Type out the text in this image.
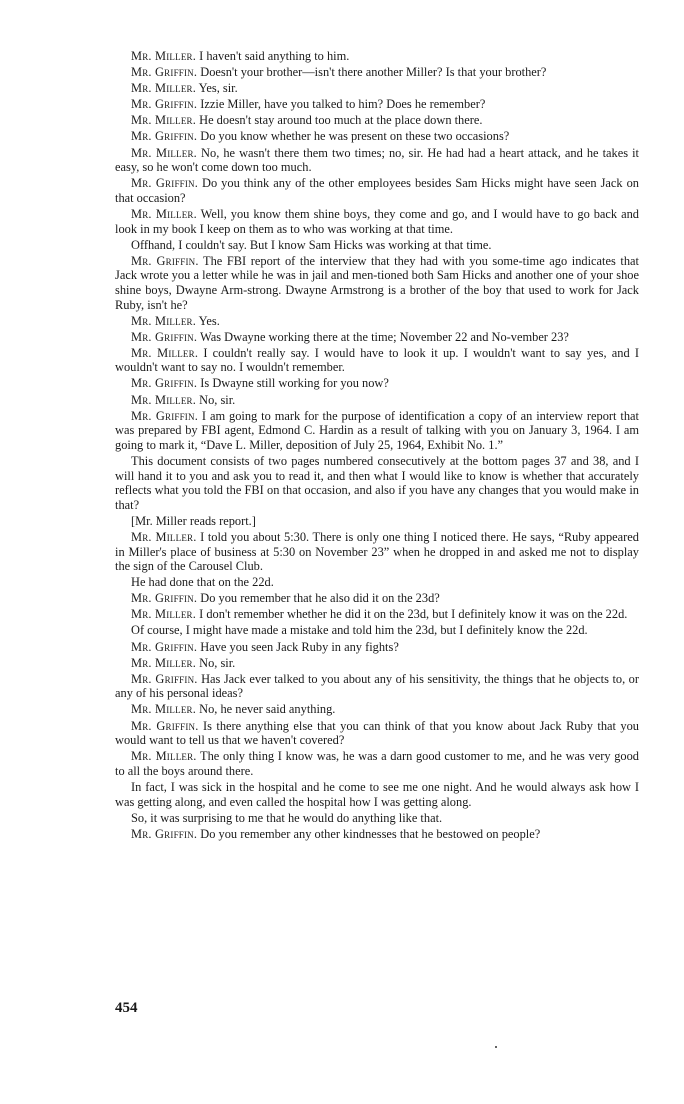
Mr. Miller. I haven't said anything to him.

Mr. Griffin. Doesn't your brother—isn't there another Miller? Is that your brother?

Mr. Miller. Yes, sir.

Mr. Griffin. Izzie Miller, have you talked to him? Does he remember?

Mr. Miller. He doesn't stay around too much at the place down there.

Mr. Griffin. Do you know whether he was present on these two occasions?

Mr. Miller. No, he wasn't there them two times; no, sir. He had had a heart attack, and he takes it easy, so he won't come down too much.

Mr. Griffin. Do you think any of the other employees besides Sam Hicks might have seen Jack on that occasion?

Mr. Miller. Well, you know them shine boys, they come and go, and I would have to go back and look in my book I keep on them as to who was working at that time.

Offhand, I couldn't say. But I know Sam Hicks was working at that time.

Mr. Griffin. The FBI report of the interview that they had with you some-time ago indicates that Jack wrote you a letter while he was in jail and men-tioned both Sam Hicks and another one of your shoe shine boys, Dwayne Arm-strong. Dwayne Armstrong is a brother of the boy that used to work for Jack Ruby, isn't he?

Mr. Miller. Yes.

Mr. Griffin. Was Dwayne working there at the time; November 22 and No-vember 23?

Mr. Miller. I couldn't really say. I would have to look it up. I wouldn't want to say yes, and I wouldn't want to say no. I wouldn't remember.

Mr. Griffin. Is Dwayne still working for you now?

Mr. Miller. No, sir.

Mr. Griffin. I am going to mark for the purpose of identification a copy of an interview report that was prepared by FBI agent, Edmond C. Hardin as a result of talking with you on January 3, 1964. I am going to mark it, “Dave L. Miller, deposition of July 25, 1964, Exhibit No. 1.”

This document consists of two pages numbered consecutively at the bottom pages 37 and 38, and I will hand it to you and ask you to read it, and then what I would like to know is whether that accurately reflects what you told the FBI on that occasion, and also if you have any changes that you would make in that?

[Mr. Miller reads report.]

Mr. Miller. I told you about 5:30. There is only one thing I noticed there. He says, “Ruby appeared in Miller's place of business at 5:30 on November 23” when he dropped in and asked me not to display the sign of the Carousel Club.

He had done that on the 22d.

Mr. Griffin. Do you remember that he also did it on the 23d?

Mr. Miller. I don't remember whether he did it on the 23d, but I definitely know it was on the 22d.

Of course, I might have made a mistake and told him the 23d, but I definitely know the 22d.

Mr. Griffin. Have you seen Jack Ruby in any fights?

Mr. Miller. No, sir.

Mr. Griffin. Has Jack ever talked to you about any of his sensitivity, the things that he objects to, or any of his personal ideas?

Mr. Miller. No, he never said anything.

Mr. Griffin. Is there anything else that you can think of that you know about Jack Ruby that you would want to tell us that we haven't covered?

Mr. Miller. The only thing I know was, he was a darn good customer to me, and he was very good to all the boys around there.

In fact, I was sick in the hospital and he come to see me one night. And he would always ask how I was getting along, and even called the hospital how I was getting along.

So, it was surprising to me that he would do anything like that.

Mr. Griffin. Do you remember any other kindnesses that he bestowed on people?

454
